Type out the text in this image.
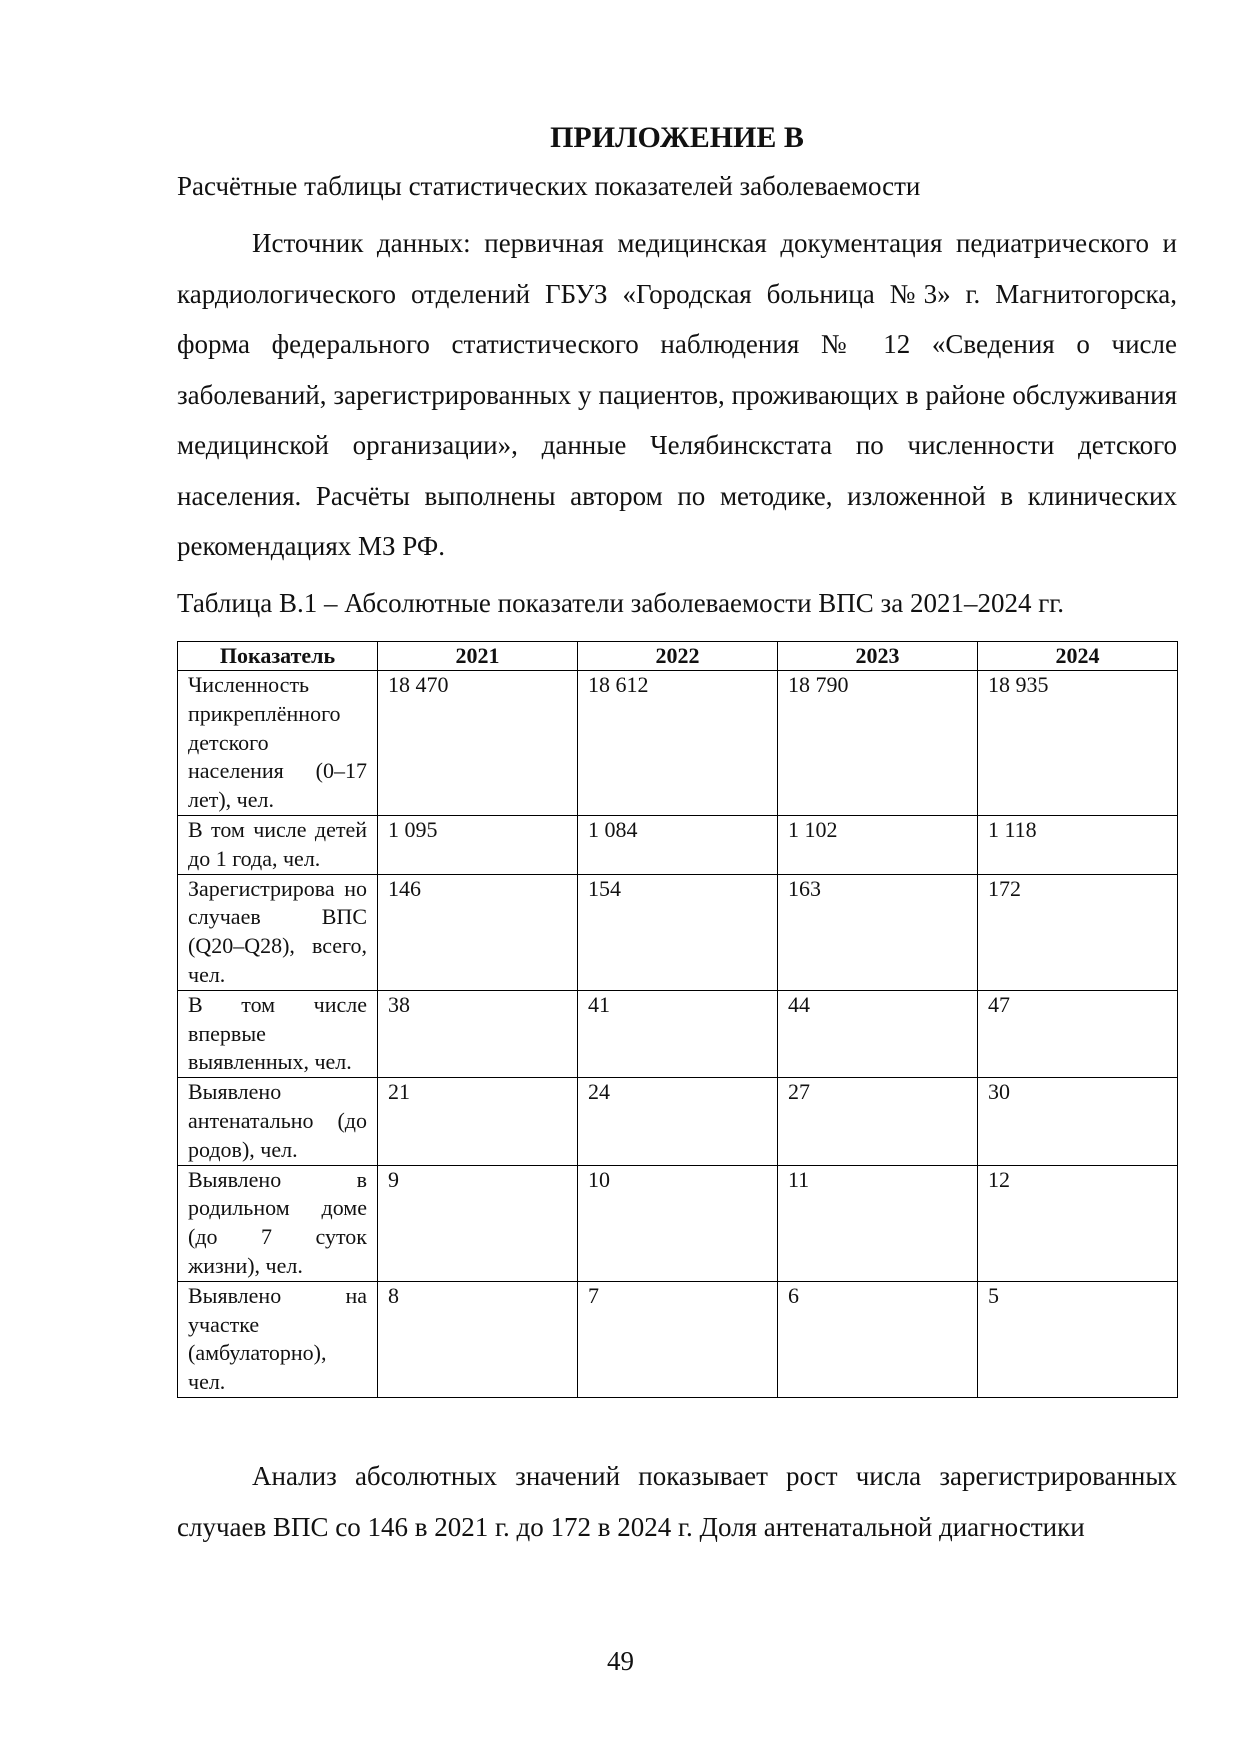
ПРИЛОЖЕНИЕ В
Расчётные таблицы статистических показателей заболеваемости

Источник данных: первичная медицинская документация педиатрического и кардиологического отделений ГБУЗ «Городская больница №3» г. Магнитогорска, форма федерального статистического наблюдения № 12 «Сведения о числе заболеваний, зарегистрированных у пациентов, проживающих в районе обслуживания медицинской организации», данные Челябинскстата по численности детского населения. Расчёты выполнены автором по методике, изложенной в клинических рекомендациях МЗ РФ.

Таблица В.1 – Абсолютные показатели заболеваемости ВПС за 2021–2024 гг.
Показатель	2021	2022	2023	2024
Численность прикреплённого детского населения (0–17 лет), чел.	18 470	18 612	18 790	18 935
В том числе детей до 1 года, чел.	1 095	1 084	1 102	1 118
Зарегистрирова но случаев ВПС (Q20–Q28), всего, чел.	146	154	163	172
В том числе впервые выявленных, чел.	38	41	44	47
Выявлено антенатально (до родов), чел.	21	24	27	30
Выявлено в родильном доме (до 7 суток жизни), чел.	9	10	11	12
Выявлено на участке (амбулаторно), чел.	8	7	6	5

Анализ абсолютных значений показывает рост числа зарегистрированных случаев ВПС со 146 в 2021 г. до 172 в 2024 г. Доля антенатальной диагностики

49
